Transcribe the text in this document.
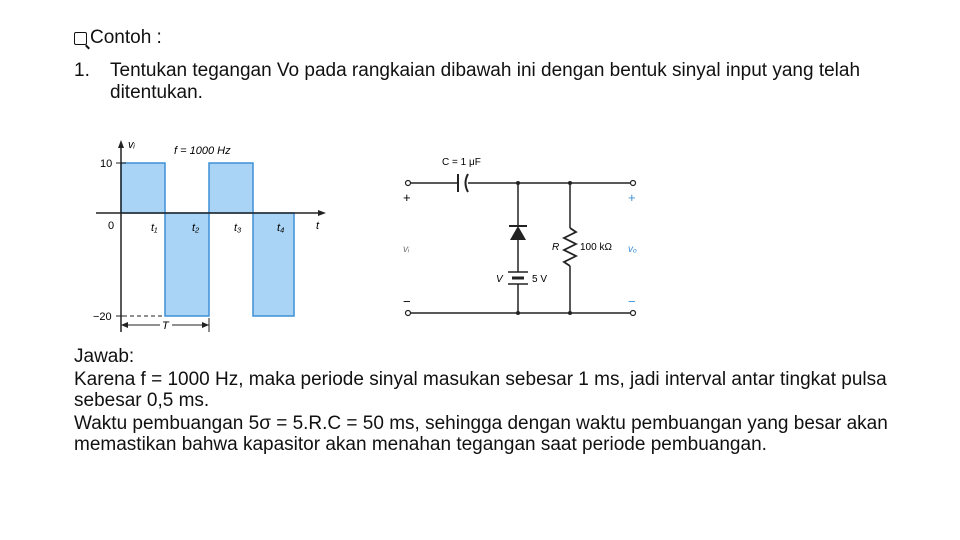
Contoh :
1.	Tentukan tegangan Vo pada rangkaian dibawah ini dengan bentuk sinyal input yang telah ditentukan.
vᵢ	f = 1000 Hz
10
0
−20
t₁	t₂	t₃	t₄	t
T
C = 1 μF
V	5 V
R 100 kΩ
+
vᵢ
−
+
vₒ
−

Jawab:

Karena f = 1000 Hz, maka periode sinyal masukan sebesar 1 ms, jadi interval antar tingkat pulsa sebesar 0,5 ms.

Waktu pembuangan 5σ = 5.R.C = 50 ms, sehingga dengan waktu pembuangan yang besar akan memastikan bahwa kapasitor akan menahan tegangan saat periode pembuangan.
